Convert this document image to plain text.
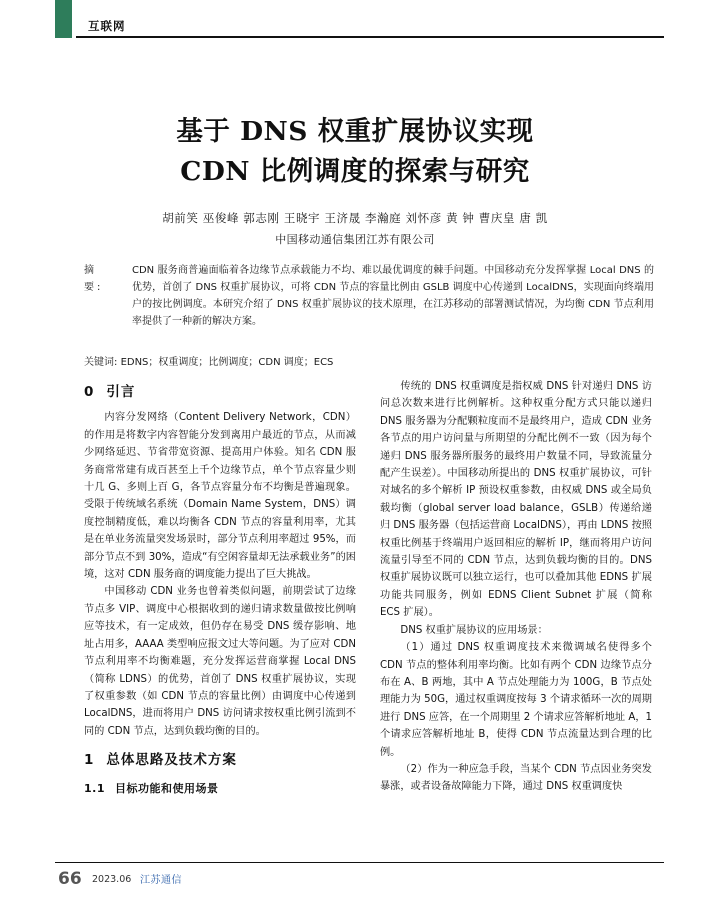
互联网
基于 DNS 权重扩展协议实现
CDN 比例调度的探索与研究
胡前笑 巫俊峰 郭志刚 王晓宇 王济晟 李瀚庭 刘怀彦 黄 钟 曹庆皇 唐 凯
中国移动通信集团江苏有限公司
摘　要:
CDN 服务商普遍面临着各边缘节点承载能力不均、难以最优调度的棘手问题。中国移动充分发挥掌握 Local DNS 的优势，首创了 DNS 权重扩展协议，可将 CDN 节点的容量比例由 GSLB 调度中心传递到 LocalDNS，实现面向终端用户的按比例调度。本研究介绍了 DNS 权重扩展协议的技术原理，在江苏移动的部署测试情况，为均衡 CDN 节点利用率提供了一种新的解决方案。
关键词: EDNS；权重调度；比例调度；CDN 调度；ECS
0 引言

内容分发网络（Content Delivery Network，CDN）的作用是将数字内容智能分发到离用户最近的节点，从而减少网络延迟、节省带宽资源、提高用户体验。知名 CDN 服务商常常建有成百甚至上千个边缘节点，单个节点容量少则十几 G、多则上百 G，各节点容量分布不均衡是普遍现象。受限于传统域名系统（Domain Name System，DNS）调度控制精度低，难以均衡各 CDN 节点的容量利用率，尤其是在单业务流量突发场景时，部分节点利用率超过 95%，而部分节点不到 30%，造成“有空闲容量却无法承载业务”的困境，这对 CDN 服务商的调度能力提出了巨大挑战。

中国移动 CDN 业务也曾着类似问题，前期尝试了边缘节点多 VIP、调度中心根据收到的递归请求数量做按比例响应等技术，有一定成效，但仍存在易受 DNS 缓存影响、地址占用多，AAAA 类型响应报文过大等问题。为了应对 CDN 节点利用率不均衡难题，充分发挥运营商掌握 Local DNS（简称 LDNS）的优势，首创了 DNS 权重扩展协议，实现了权重参数（如 CDN 节点的容量比例）由调度中心传递到 LocalDNS，进而将用户 DNS 访问请求按权重比例引流到不同的 CDN 节点，达到负载均衡的目的。

1 总体思路及技术方案
1.1 目标功能和使用场景

传统的 DNS 权重调度是指权威 DNS 针对递归 DNS 访问总次数来进行比例解析。这种权重分配方式只能以递归 DNS 服务器为分配颗粒度而不是最终用户，造成 CDN 业务各节点的用户访问量与所期望的分配比例不一致（因为每个递归 DNS 服务器所服务的最终用户数量不同，导致流量分配产生误差）。中国移动所提出的 DNS 权重扩展协议，可针对域名的多个解析 IP 预设权重参数，由权威 DNS 或全局负载均衡（global server load balance，GSLB）传递给递归 DNS 服务器（包括运营商 LocalDNS），再由 LDNS 按照权重比例基于终端用户返回相应的解析 IP，继而将用户访问流量引导至不同的 CDN 节点，达到负载均衡的目的。DNS 权重扩展协议既可以独立运行，也可以叠加其他 EDNS 扩展功能共同服务，例如 EDNS Client Subnet 扩展（简称 ECS 扩展）。

DNS 权重扩展协议的应用场景：

（1）通过 DNS 权重调度技术来微调域名使得多个 CDN 节点的整体利用率均衡。比如有两个 CDN 边缘节点分布在 A、B 两地，其中 A 节点处理能力为 100G，B 节点处理能力为 50G，通过权重调度按每 3 个请求循环一次的周期进行 DNS 应答，在一个周期里 2 个请求应答解析地址 A，1 个请求应答解析地址 B，使得 CDN 节点流量达到合理的比例。

（2）作为一种应急手段，当某个 CDN 节点因业务突发暴涨，或者设备故障能力下降，通过 DNS 权重调度快

66 2023.06 江苏通信
